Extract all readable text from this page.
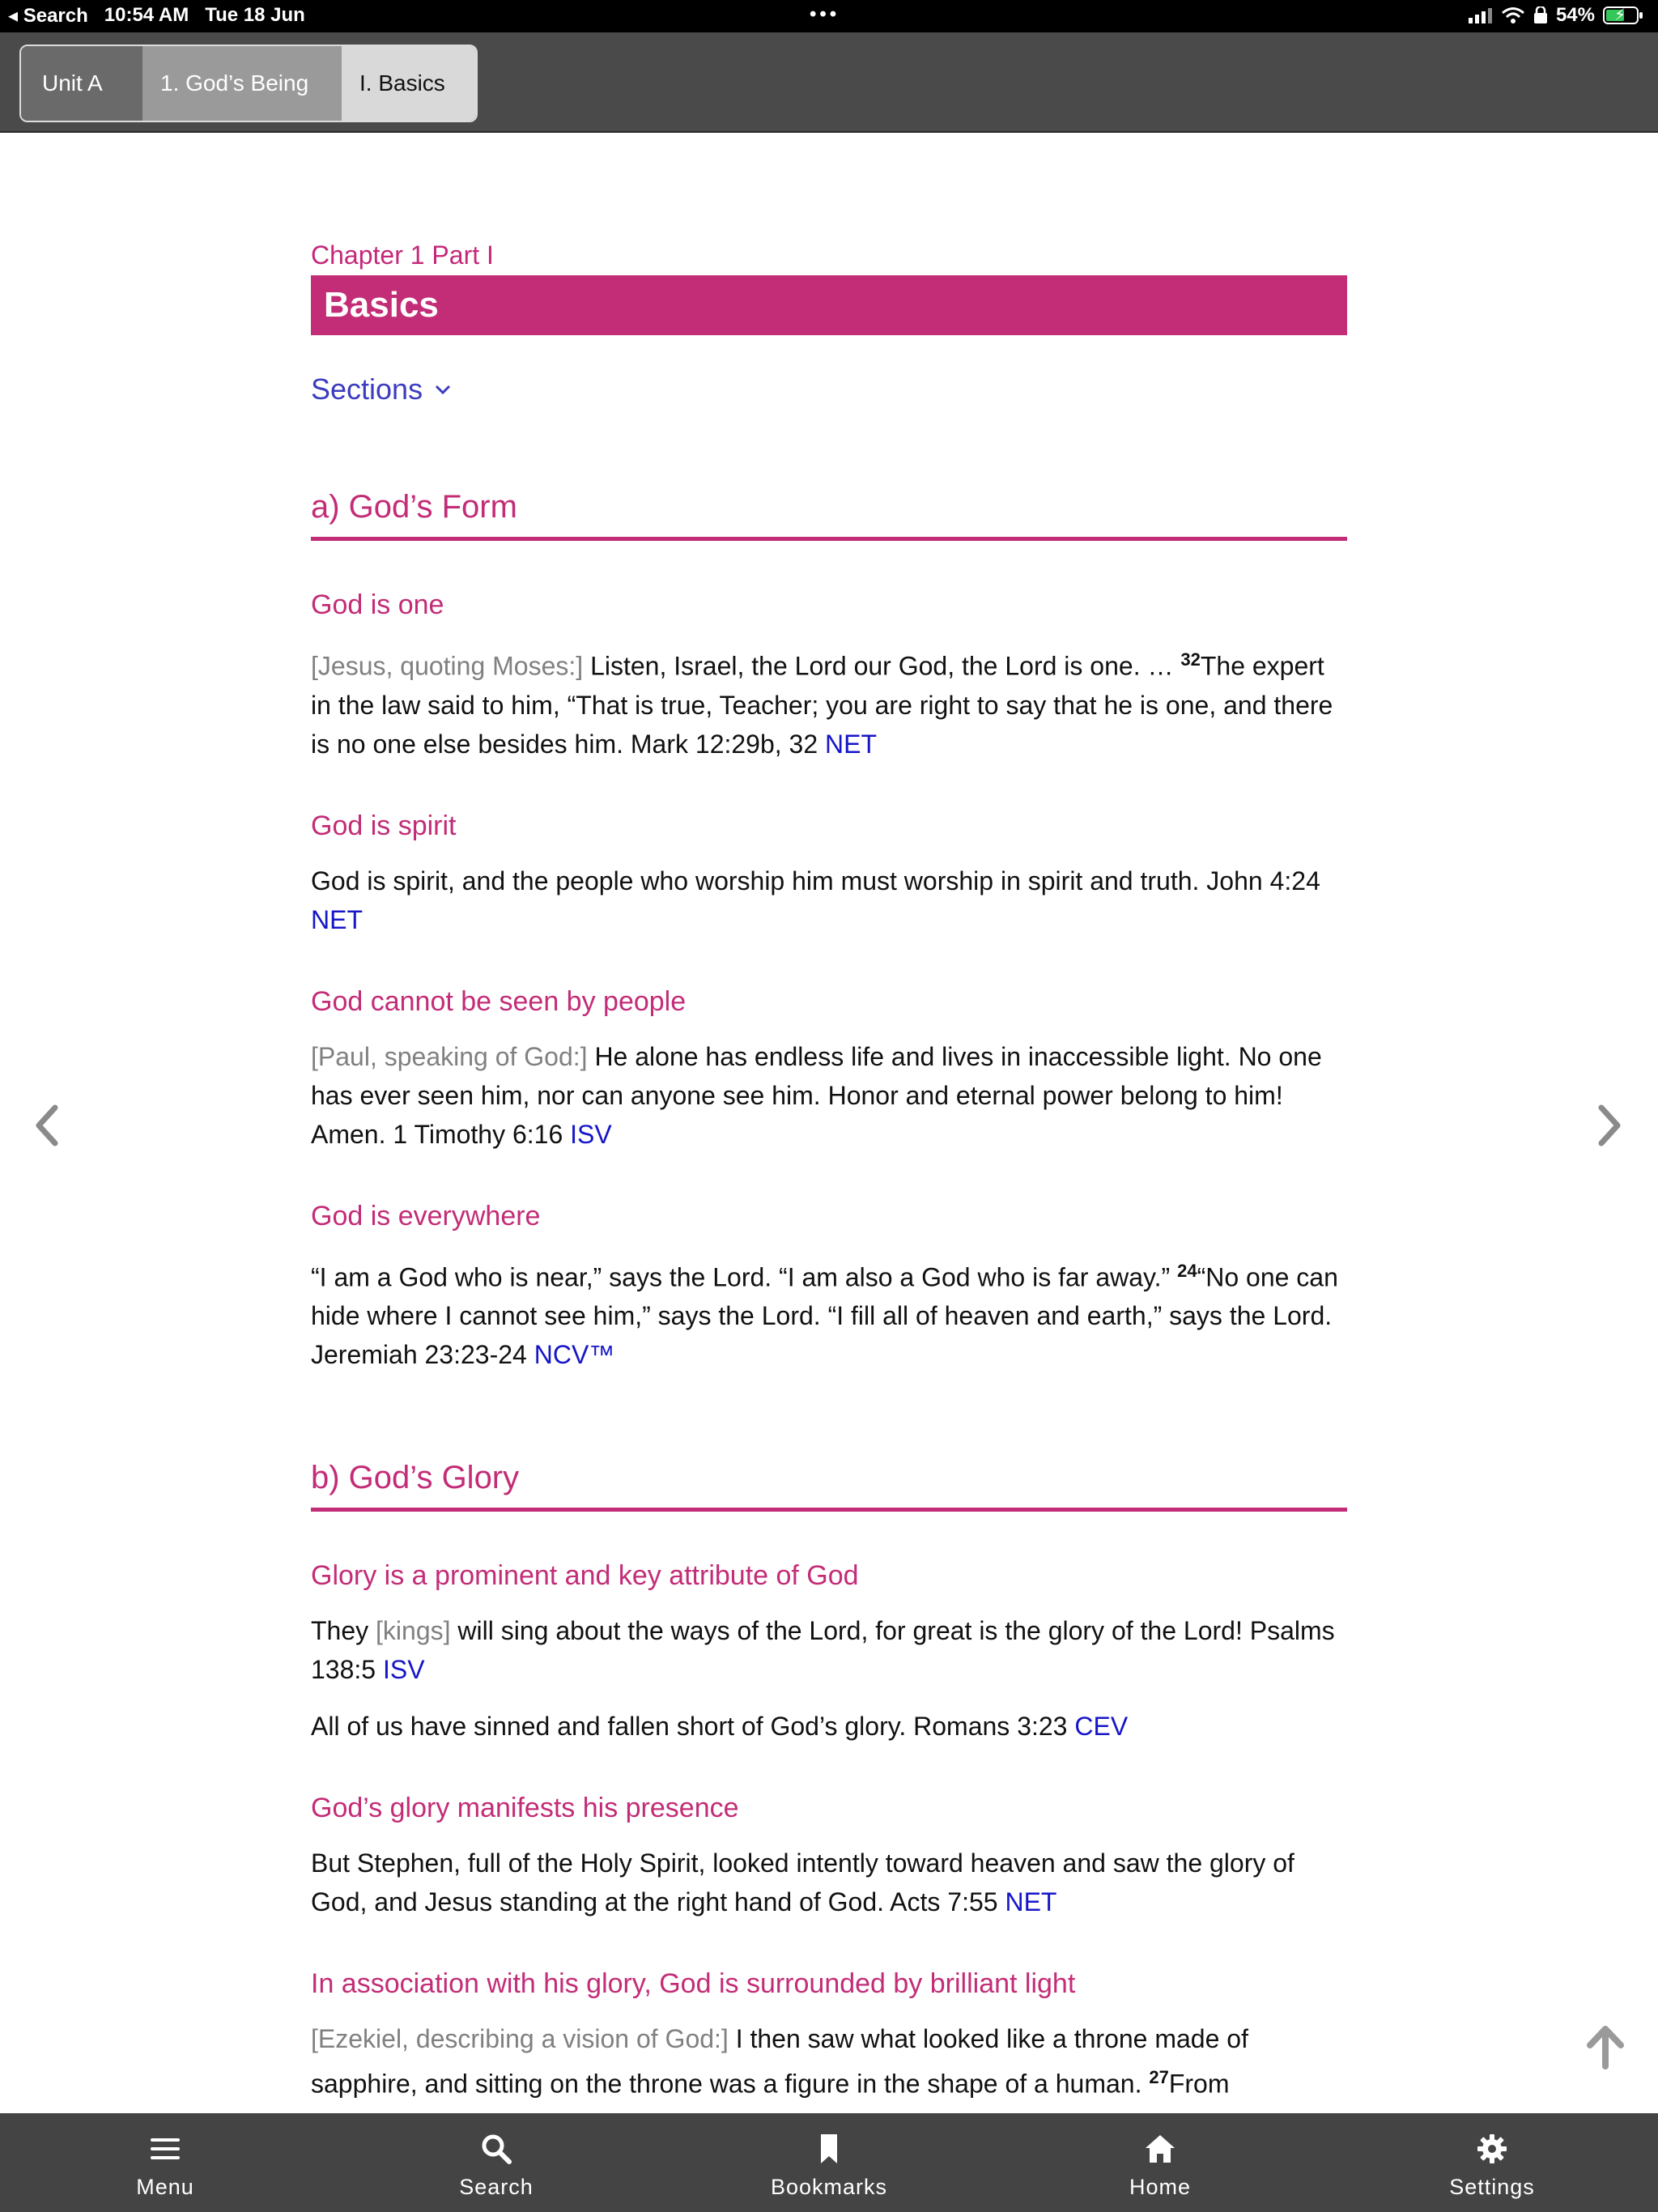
◂ Search 10:54 AM Tue 18 Jun	•••	54% ⚡
Unit A	1. God’s Being	I. Basics
Chapter 1 Part I
Basics
Sections
a) God’s Form
God is one
[Jesus, quoting Moses:] Listen, Israel, the Lord our God, the Lord is one. … $^{32}$The expert in the law said to him, “That is true, Teacher; you are right to say that he is one, and there is no one else besides him. Mark 12:29b, 32 NET
God is spirit
God is spirit, and the people who worship him must worship in spirit and truth. John 4:24 NET
God cannot be seen by people
[Paul, speaking of God:] He alone has endless life and lives in inaccessible light. No one has ever seen him, nor can anyone see him. Honor and eternal power belong to him! Amen. 1 Timothy 6:16 ISV
God is everywhere
“I am a God who is near,” says the Lord. “I am also a God who is far away.” $^{24}$“No one can hide where I cannot see him,” says the Lord. “I fill all of heaven and earth,” says the Lord. Jeremiah 23:23-24 NCV™
b) God’s Glory
Glory is a prominent and key attribute of God
They [kings] will sing about the ways of the Lord, for great is the glory of the Lord! Psalms 138:5 ISV
All of us have sinned and fallen short of God’s glory. Romans 3:23 CEV
God’s glory manifests his presence
But Stephen, full of the Holy Spirit, looked intently toward heaven and saw the glory of God, and Jesus standing at the right hand of God. Acts 7:55 NET
In association with his glory, God is surrounded by brilliant light
[Ezekiel, describing a vision of God:] I then saw what looked like a throne made of sapphire, and sitting on the throne was a figure in the shape of a human. $^{27}$From
Menu	Search	Bookmarks	Home	Settings
